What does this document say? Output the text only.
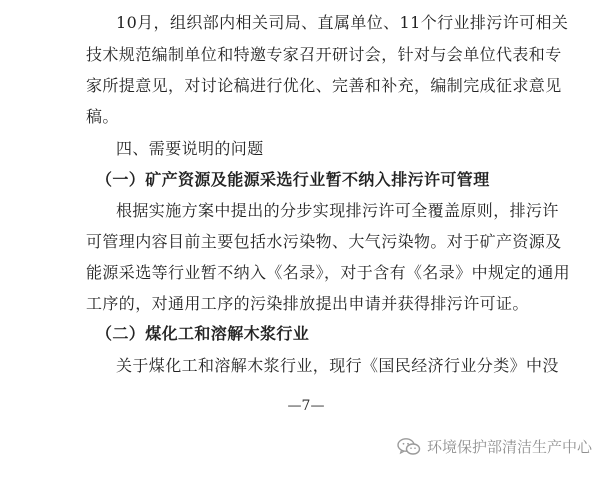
10月，组织部内相关司局、直属单位、11个行业排污许可相关
技术规范编制单位和特邀专家召开研讨会，针对与会单位代表和专
家所提意见，对讨论稿进行优化、完善和补充，编制完成征求意见
稿。
四、需要说明的问题
（一）矿产资源及能源采选行业暂不纳入排污许可管理
根据实施方案中提出的分步实现排污许可全覆盖原则，排污许
可管理内容目前主要包括水污染物、大气污染物。对于矿产资源及
能源采选等行业暂不纳入《名录》，对于含有《名录》中规定的通用
工序的，对通用工序的污染排放提出申请并获得排污许可证。
（二）煤化工和溶解木浆行业
关于煤化工和溶解木浆行业，现行《国民经济行业分类》中没
—7—
环境保护部清洁生产中心
